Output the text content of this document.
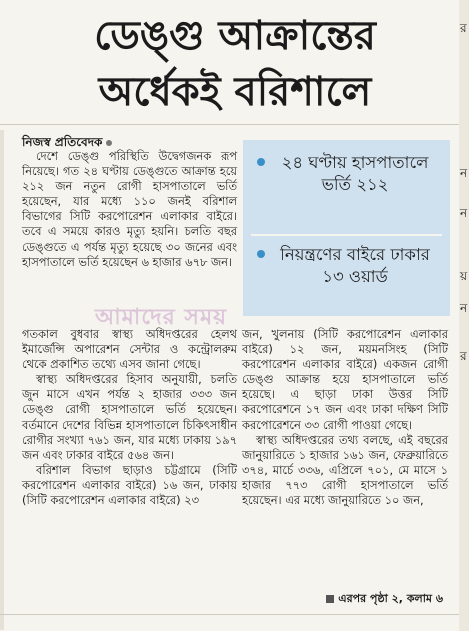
ডেঙ্গু আক্রান্তের
অর্ধেকই বরিশালে
নিজস্ব প্রতিবেদক

দেশে ডেঙ্গু পরিস্থিতি উদ্বেগজনক রূপ নিয়েছে। গত ২৪ ঘণ্টায় ডেঙ্গুতে আক্রান্ত হয়ে ২১২ জন নতুন রোগী হাসপাতালে ভর্তি হয়েছেন, যার মধ্যে ১১০ জনই বরিশাল বিভাগের সিটি করপোরেশন এলাকার বাইরে। তবে এ সময়ে কারও মৃত্যু হয়নি। চলতি বছর ডেঙ্গুতে এ পর্যন্ত মৃত্যু হয়েছে ৩০ জনের এবং হাসপাতালে ভর্তি হয়েছেন ৬ হাজার ৬৭৮ জন।

২৪ ঘণ্টায় হাসপাতালে ভর্তি ২১২
নিয়ন্ত্রণের বাইরে ঢাকার ১৩ ওয়ার্ড

গতকাল বুধবার স্বাস্থ্য অধিদপ্তরের হেলথ ইমার্জেন্সি অপারেশন সেন্টার ও কন্ট্রোলরুম থেকে প্রকাশিত তথ্যে এসব জানা গেছে।

স্বাস্থ্য অধিদপ্তরের হিসাব অনুযায়ী, চলতি জুন মাসে এখন পর্যন্ত ২ হাজার ৩৩৩ জন ডেঙ্গু রোগী হাসপাতালে ভর্তি হয়েছেন। বর্তমানে দেশের বিভিন্ন হাসপাতালে চিকিৎসাধীন রোগীর সংখ্যা ৭৬১ জন, যার মধ্যে ঢাকায় ১৯৭ জন এবং ঢাকার বাইরে ৫৬৪ জন।

বরিশাল বিভাগ ছাড়াও চট্টগ্রামে (সিটি করপোরেশন এলাকার বাইরে) ১৬ জন, ঢাকায় (সিটি করপোরেশন এলাকার বাইরে) ২৩

জন, খুলনায় (সিটি করপোরেশন এলাকার বাইরে) ১২ জন, ময়মনসিংহ (সিটি করপোরেশন এলাকার বাইরে) একজন রোগী ডেঙ্গু আক্রান্ত হয়ে হাসপাতালে ভর্তি হয়েছে। এ ছাড়া ঢাকা উত্তর সিটি করপোরেশনে ১৭ জন এবং ঢাকা দক্ষিণ সিটি করপোরেশনে ৩৩ রোগী পাওয়া গেছে।

স্বাস্থ্য অধিদপ্তরের তথ্য বলছে, এই বছরের জানুয়ারিতে ১ হাজার ১৬১ জন, ফেব্রুয়ারিতে ৩৭৪, মার্চে ৩৩৬, এপ্রিলে ৭০১, মে মাসে ১ হাজার ৭৭৩ রোগী হাসপাতালে ভর্তি হয়েছেন। এর মধ্যে জানুয়ারিতে ১০ জন,

আমাদের সময়
এরপর পৃষ্ঠা ২, কলাম ৬
র
ন
ন
য়
ন
র
